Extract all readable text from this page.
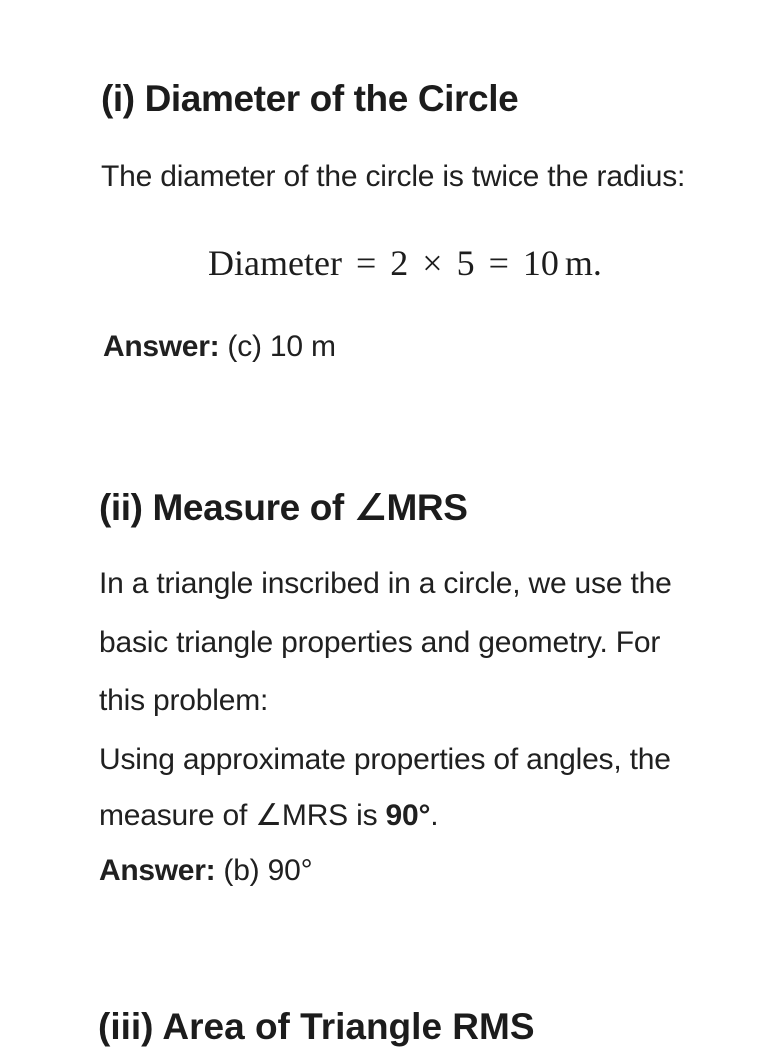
(i) Diameter of the Circle
The diameter of the circle is twice the radius:
Diameter = 2 × 5 = 10 m.
Answer: (c) 10 m
(ii) Measure of ∠MRS
In a triangle inscribed in a circle, we use the
basic triangle properties and geometry. For
this problem:
Using approximate properties of angles, the
measure of ∠MRS is 90°.
Answer: (b) 90°
(iii) Area of Triangle RMS
